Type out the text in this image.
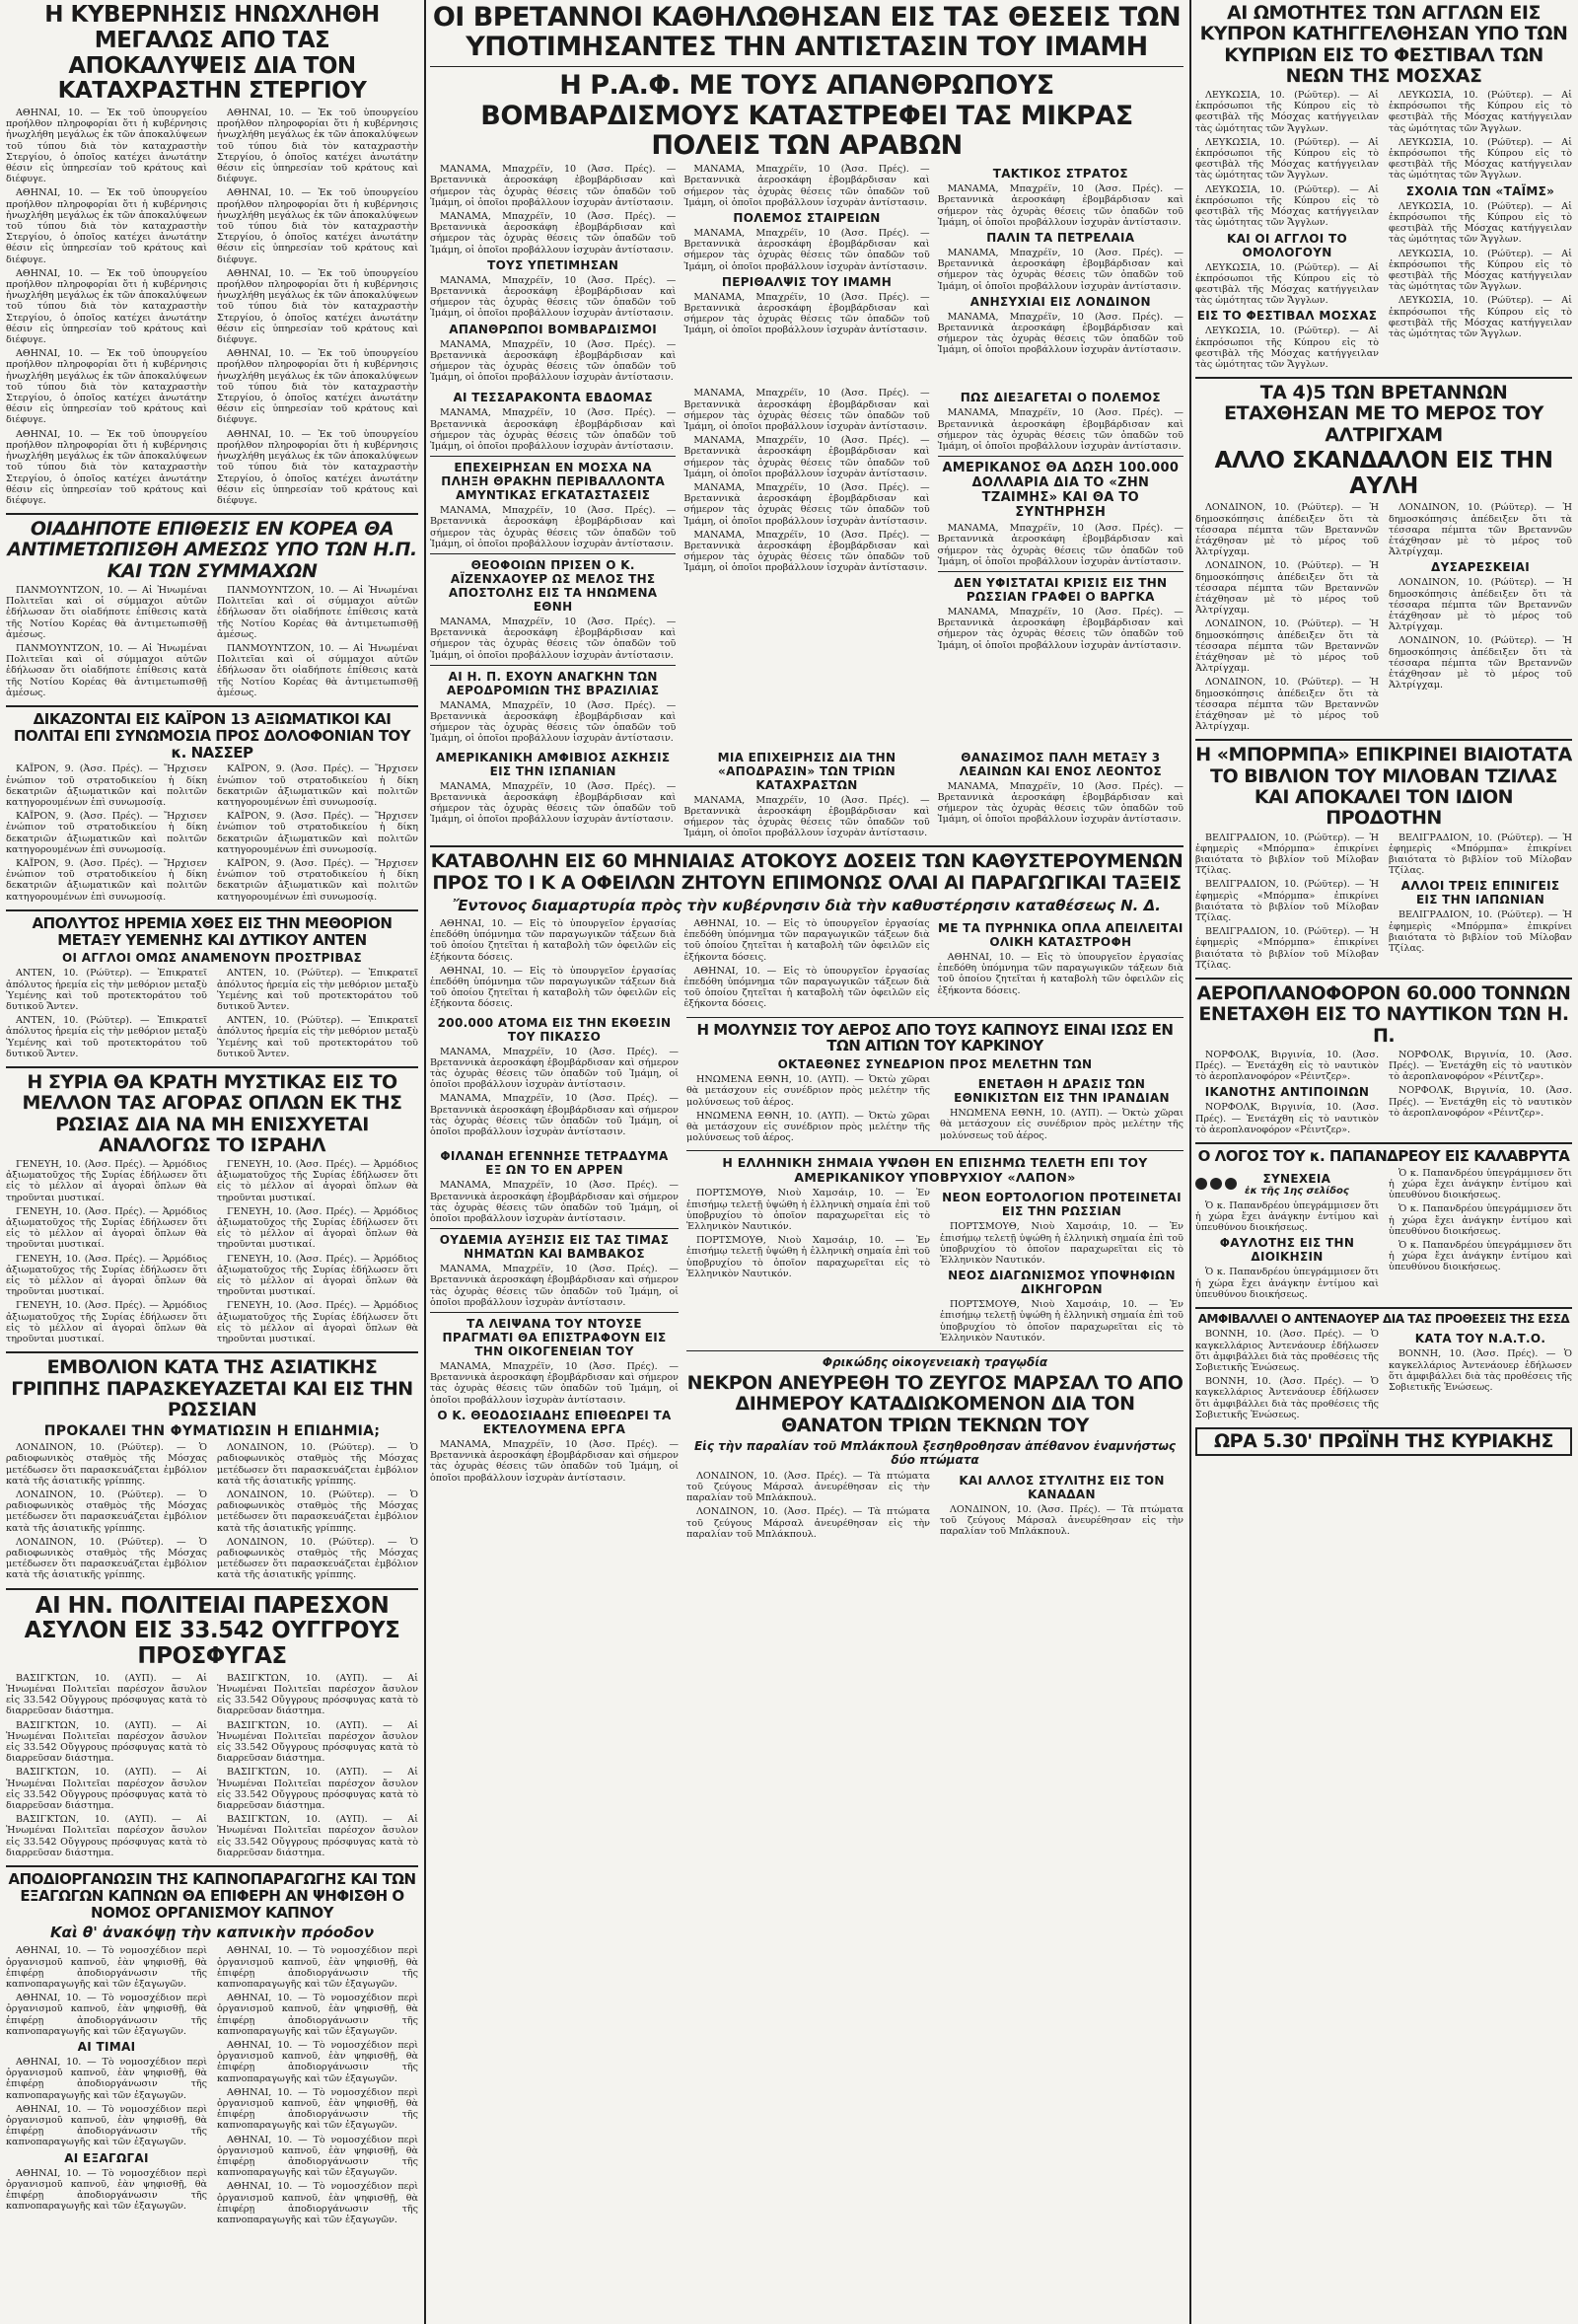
Η ΚΥΒΕΡΝΗΣΙΣ ΗΝΩΧΛΗΘΗ ΜΕΓΑΛΩΣ ΑΠΟ ΤΑΣ ΑΠΟΚΑΛΥΨΕΙΣ ΔΙΑ ΤΟΝ ΚΑΤΑΧΡΑΣΤΗΝ ΣΤΕΡΓΙΟΥ

ΑΘΗΝΑΙ, 10. — Ἐκ τοῦ ὑπουργείου προήλθον πληροφορίαι ὅτι ἡ κυβέρνησις ἠνωχλήθη μεγάλως ἐκ τῶν ἀποκαλύψεων τοῦ τύπου διὰ τὸν καταχραστὴν Στεργίου, ὁ ὁποῖος κατέχει ἀνωτάτην θέσιν εἰς ὑπηρεσίαν τοῦ κράτους καὶ διέφυγε.

ΑΘΗΝΑΙ, 10. — Ἐκ τοῦ ὑπουργείου προήλθον πληροφορίαι ὅτι ἡ κυβέρνησις ἠνωχλήθη μεγάλως ἐκ τῶν ἀποκαλύψεων τοῦ τύπου διὰ τὸν καταχραστὴν Στεργίου, ὁ ὁποῖος κατέχει ἀνωτάτην θέσιν εἰς ὑπηρεσίαν τοῦ κράτους καὶ διέφυγε.

ΑΘΗΝΑΙ, 10. — Ἐκ τοῦ ὑπουργείου προήλθον πληροφορίαι ὅτι ἡ κυβέρνησις ἠνωχλήθη μεγάλως ἐκ τῶν ἀποκαλύψεων τοῦ τύπου διὰ τὸν καταχραστὴν Στεργίου, ὁ ὁποῖος κατέχει ἀνωτάτην θέσιν εἰς ὑπηρεσίαν τοῦ κράτους καὶ διέφυγε.

ΑΘΗΝΑΙ, 10. — Ἐκ τοῦ ὑπουργείου προήλθον πληροφορίαι ὅτι ἡ κυβέρνησις ἠνωχλήθη μεγάλως ἐκ τῶν ἀποκαλύψεων τοῦ τύπου διὰ τὸν καταχραστὴν Στεργίου, ὁ ὁποῖος κατέχει ἀνωτάτην θέσιν εἰς ὑπηρεσίαν τοῦ κράτους καὶ διέφυγε.

ΑΘΗΝΑΙ, 10. — Ἐκ τοῦ ὑπουργείου προήλθον πληροφορίαι ὅτι ἡ κυβέρνησις ἠνωχλήθη μεγάλως ἐκ τῶν ἀποκαλύψεων τοῦ τύπου διὰ τὸν καταχραστὴν Στεργίου, ὁ ὁποῖος κατέχει ἀνωτάτην θέσιν εἰς ὑπηρεσίαν τοῦ κράτους καὶ διέφυγε.

ΑΘΗΝΑΙ, 10. — Ἐκ τοῦ ὑπουργείου προήλθον πληροφορίαι ὅτι ἡ κυβέρνησις ἠνωχλήθη μεγάλως ἐκ τῶν ἀποκαλύψεων τοῦ τύπου διὰ τὸν καταχραστὴν Στεργίου, ὁ ὁποῖος κατέχει ἀνωτάτην θέσιν εἰς ὑπηρεσίαν τοῦ κράτους καὶ διέφυγε.

ΑΘΗΝΑΙ, 10. — Ἐκ τοῦ ὑπουργείου προήλθον πληροφορίαι ὅτι ἡ κυβέρνησις ἠνωχλήθη μεγάλως ἐκ τῶν ἀποκαλύψεων τοῦ τύπου διὰ τὸν καταχραστὴν Στεργίου, ὁ ὁποῖος κατέχει ἀνωτάτην θέσιν εἰς ὑπηρεσίαν τοῦ κράτους καὶ διέφυγε.

ΑΘΗΝΑΙ, 10. — Ἐκ τοῦ ὑπουργείου προήλθον πληροφορίαι ὅτι ἡ κυβέρνησις ἠνωχλήθη μεγάλως ἐκ τῶν ἀποκαλύψεων τοῦ τύπου διὰ τὸν καταχραστὴν Στεργίου, ὁ ὁποῖος κατέχει ἀνωτάτην θέσιν εἰς ὑπηρεσίαν τοῦ κράτους καὶ διέφυγε.

ΑΘΗΝΑΙ, 10. — Ἐκ τοῦ ὑπουργείου προήλθον πληροφορίαι ὅτι ἡ κυβέρνησις ἠνωχλήθη μεγάλως ἐκ τῶν ἀποκαλύψεων τοῦ τύπου διὰ τὸν καταχραστὴν Στεργίου, ὁ ὁποῖος κατέχει ἀνωτάτην θέσιν εἰς ὑπηρεσίαν τοῦ κράτους καὶ διέφυγε.

ΑΘΗΝΑΙ, 10. — Ἐκ τοῦ ὑπουργείου προήλθον πληροφορίαι ὅτι ἡ κυβέρνησις ἠνωχλήθη μεγάλως ἐκ τῶν ἀποκαλύψεων τοῦ τύπου διὰ τὸν καταχραστὴν Στεργίου, ὁ ὁποῖος κατέχει ἀνωτάτην θέσιν εἰς ὑπηρεσίαν τοῦ κράτους καὶ διέφυγε.

ΟΙΑΔΗΠΟΤΕ ΕΠΙΘΕΣΙΣ ΕΝ ΚΟΡΕΑ ΘΑ ΑΝΤΙΜΕΤΩΠΙΣΘΗ ΑΜΕΣΩΣ ΥΠΟ ΤΩΝ Η.Π. ΚΑΙ ΤΩΝ ΣΥΜΜΑΧΩΝ

ΠΑΝΜΟΥΝΤΖΟΝ, 10. — Αἱ Ἡνωμέναι Πολιτεῖαι καὶ οἱ σύμμαχοι αὐτῶν ἐδήλωσαν ὅτι οἱαδήποτε ἐπίθεσις κατὰ τῆς Νοτίου Κορέας θὰ ἀντιμετωπισθῇ ἀμέσως.

ΠΑΝΜΟΥΝΤΖΟΝ, 10. — Αἱ Ἡνωμέναι Πολιτεῖαι καὶ οἱ σύμμαχοι αὐτῶν ἐδήλωσαν ὅτι οἱαδήποτε ἐπίθεσις κατὰ τῆς Νοτίου Κορέας θὰ ἀντιμετωπισθῇ ἀμέσως.

ΠΑΝΜΟΥΝΤΖΟΝ, 10. — Αἱ Ἡνωμέναι Πολιτεῖαι καὶ οἱ σύμμαχοι αὐτῶν ἐδήλωσαν ὅτι οἱαδήποτε ἐπίθεσις κατὰ τῆς Νοτίου Κορέας θὰ ἀντιμετωπισθῇ ἀμέσως.

ΠΑΝΜΟΥΝΤΖΟΝ, 10. — Αἱ Ἡνωμέναι Πολιτεῖαι καὶ οἱ σύμμαχοι αὐτῶν ἐδήλωσαν ὅτι οἱαδήποτε ἐπίθεσις κατὰ τῆς Νοτίου Κορέας θὰ ἀντιμετωπισθῇ ἀμέσως.

ΔΙΚΑΖΟΝΤΑΙ ΕΙΣ ΚΑΪΡΟΝ 13 ΑΞΙΩΜΑΤΙΚΟΙ ΚΑΙ ΠΟΛΙΤΑΙ ΕΠΙ ΣΥΝΩΜΟΣΙΑ ΠΡΟΣ ΔΟΛΟΦΟΝΙΑΝ ΤΟΥ κ. ΝΑΣΣΕΡ

ΚΑΪΡΟΝ, 9. (Ἀσσ. Πρές). — Ἤρχισεν ἐνώπιον τοῦ στρατοδικείου ἡ δίκη δεκατριῶν ἀξιωματικῶν καὶ πολιτῶν κατηγορουμένων ἐπὶ συνωμοσίᾳ.

ΚΑΪΡΟΝ, 9. (Ἀσσ. Πρές). — Ἤρχισεν ἐνώπιον τοῦ στρατοδικείου ἡ δίκη δεκατριῶν ἀξιωματικῶν καὶ πολιτῶν κατηγορουμένων ἐπὶ συνωμοσίᾳ.

ΚΑΪΡΟΝ, 9. (Ἀσσ. Πρές). — Ἤρχισεν ἐνώπιον τοῦ στρατοδικείου ἡ δίκη δεκατριῶν ἀξιωματικῶν καὶ πολιτῶν κατηγορουμένων ἐπὶ συνωμοσίᾳ.

ΚΑΪΡΟΝ, 9. (Ἀσσ. Πρές). — Ἤρχισεν ἐνώπιον τοῦ στρατοδικείου ἡ δίκη δεκατριῶν ἀξιωματικῶν καὶ πολιτῶν κατηγορουμένων ἐπὶ συνωμοσίᾳ.

ΚΑΪΡΟΝ, 9. (Ἀσσ. Πρές). — Ἤρχισεν ἐνώπιον τοῦ στρατοδικείου ἡ δίκη δεκατριῶν ἀξιωματικῶν καὶ πολιτῶν κατηγορουμένων ἐπὶ συνωμοσίᾳ.

ΚΑΪΡΟΝ, 9. (Ἀσσ. Πρές). — Ἤρχισεν ἐνώπιον τοῦ στρατοδικείου ἡ δίκη δεκατριῶν ἀξιωματικῶν καὶ πολιτῶν κατηγορουμένων ἐπὶ συνωμοσίᾳ.

ΑΠΟΛΥΤΟΣ ΗΡΕΜΙΑ ΧΘΕΣ ΕΙΣ ΤΗΝ ΜΕΘΟΡΙΟΝ ΜΕΤΑΞΥ ΥΕΜΕΝΗΣ ΚΑΙ ΔΥΤΙΚΟΥ ΑΝΤΕΝ
ΟΙ ΑΓΓΛΟΙ ΟΜΩΣ ΑΝΑΜΕΝΟΥΝ ΠΡΟΣΤΡΙΒΑΣ

ΑΝΤΕΝ, 10. (Ρώϋτερ). — Ἐπικρατεῖ ἀπόλυτος ἠρεμία εἰς τὴν μεθόριον μεταξὺ Ὑεμένης καὶ τοῦ προτεκτοράτου τοῦ δυτικοῦ Ἄντεν.

ΑΝΤΕΝ, 10. (Ρώϋτερ). — Ἐπικρατεῖ ἀπόλυτος ἠρεμία εἰς τὴν μεθόριον μεταξὺ Ὑεμένης καὶ τοῦ προτεκτοράτου τοῦ δυτικοῦ Ἄντεν.

ΑΝΤΕΝ, 10. (Ρώϋτερ). — Ἐπικρατεῖ ἀπόλυτος ἠρεμία εἰς τὴν μεθόριον μεταξὺ Ὑεμένης καὶ τοῦ προτεκτοράτου τοῦ δυτικοῦ Ἄντεν.

ΑΝΤΕΝ, 10. (Ρώϋτερ). — Ἐπικρατεῖ ἀπόλυτος ἠρεμία εἰς τὴν μεθόριον μεταξὺ Ὑεμένης καὶ τοῦ προτεκτοράτου τοῦ δυτικοῦ Ἄντεν.

Η ΣΥΡΙΑ ΘΑ ΚΡΑΤΗ ΜΥΣΤΙΚΑΣ ΕΙΣ ΤΟ ΜΕΛΛΟΝ ΤΑΣ ΑΓΟΡΑΣ ΟΠΛΩΝ ΕΚ ΤΗΣ ΡΩΣΙΑΣ ΔΙΑ ΝΑ ΜΗ ΕΝΙΣΧΥΕΤΑΙ ΑΝΑΛΟΓΩΣ ΤΟ ΙΣΡΑΗΛ

ΓΕΝΕΥΗ, 10. (Ἀσσ. Πρές). — Ἁρμόδιος ἀξιωματοῦχος τῆς Συρίας ἐδήλωσεν ὅτι εἰς τὸ μέλλον αἱ ἀγοραὶ ὅπλων θὰ τηροῦνται μυστικαί.

ΓΕΝΕΥΗ, 10. (Ἀσσ. Πρές). — Ἁρμόδιος ἀξιωματοῦχος τῆς Συρίας ἐδήλωσεν ὅτι εἰς τὸ μέλλον αἱ ἀγοραὶ ὅπλων θὰ τηροῦνται μυστικαί.

ΓΕΝΕΥΗ, 10. (Ἀσσ. Πρές). — Ἁρμόδιος ἀξιωματοῦχος τῆς Συρίας ἐδήλωσεν ὅτι εἰς τὸ μέλλον αἱ ἀγοραὶ ὅπλων θὰ τηροῦνται μυστικαί.

ΓΕΝΕΥΗ, 10. (Ἀσσ. Πρές). — Ἁρμόδιος ἀξιωματοῦχος τῆς Συρίας ἐδήλωσεν ὅτι εἰς τὸ μέλλον αἱ ἀγοραὶ ὅπλων θὰ τηροῦνται μυστικαί.

ΓΕΝΕΥΗ, 10. (Ἀσσ. Πρές). — Ἁρμόδιος ἀξιωματοῦχος τῆς Συρίας ἐδήλωσεν ὅτι εἰς τὸ μέλλον αἱ ἀγοραὶ ὅπλων θὰ τηροῦνται μυστικαί.

ΓΕΝΕΥΗ, 10. (Ἀσσ. Πρές). — Ἁρμόδιος ἀξιωματοῦχος τῆς Συρίας ἐδήλωσεν ὅτι εἰς τὸ μέλλον αἱ ἀγοραὶ ὅπλων θὰ τηροῦνται μυστικαί.

ΓΕΝΕΥΗ, 10. (Ἀσσ. Πρές). — Ἁρμόδιος ἀξιωματοῦχος τῆς Συρίας ἐδήλωσεν ὅτι εἰς τὸ μέλλον αἱ ἀγοραὶ ὅπλων θὰ τηροῦνται μυστικαί.

ΓΕΝΕΥΗ, 10. (Ἀσσ. Πρές). — Ἁρμόδιος ἀξιωματοῦχος τῆς Συρίας ἐδήλωσεν ὅτι εἰς τὸ μέλλον αἱ ἀγοραὶ ὅπλων θὰ τηροῦνται μυστικαί.

ΕΜΒΟΛΙΟΝ ΚΑΤΑ ΤΗΣ ΑΣΙΑΤΙΚΗΣ ΓΡΙΠΠΗΣ ΠΑΡΑΣΚΕΥΑΖΕΤΑΙ ΚΑΙ ΕΙΣ ΤΗΝ ΡΩΣΣΙΑΝ
ΠΡΟΚΑΛΕΙ ΤΗΝ ΦΥΜΑΤΙΩΣΙΝ Η ΕΠΙΔΗΜΙΑ;

ΛΟΝΔΙΝΟΝ, 10. (Ρώϋτερ). — Ὁ ραδιοφωνικὸς σταθμὸς τῆς Μόσχας μετέδωσεν ὅτι παρασκευάζεται ἐμβόλιον κατὰ τῆς ἀσιατικῆς γρίππης.

ΛΟΝΔΙΝΟΝ, 10. (Ρώϋτερ). — Ὁ ραδιοφωνικὸς σταθμὸς τῆς Μόσχας μετέδωσεν ὅτι παρασκευάζεται ἐμβόλιον κατὰ τῆς ἀσιατικῆς γρίππης.

ΛΟΝΔΙΝΟΝ, 10. (Ρώϋτερ). — Ὁ ραδιοφωνικὸς σταθμὸς τῆς Μόσχας μετέδωσεν ὅτι παρασκευάζεται ἐμβόλιον κατὰ τῆς ἀσιατικῆς γρίππης.

ΛΟΝΔΙΝΟΝ, 10. (Ρώϋτερ). — Ὁ ραδιοφωνικὸς σταθμὸς τῆς Μόσχας μετέδωσεν ὅτι παρασκευάζεται ἐμβόλιον κατὰ τῆς ἀσιατικῆς γρίππης.

ΛΟΝΔΙΝΟΝ, 10. (Ρώϋτερ). — Ὁ ραδιοφωνικὸς σταθμὸς τῆς Μόσχας μετέδωσεν ὅτι παρασκευάζεται ἐμβόλιον κατὰ τῆς ἀσιατικῆς γρίππης.

ΛΟΝΔΙΝΟΝ, 10. (Ρώϋτερ). — Ὁ ραδιοφωνικὸς σταθμὸς τῆς Μόσχας μετέδωσεν ὅτι παρασκευάζεται ἐμβόλιον κατὰ τῆς ἀσιατικῆς γρίππης.

ΑΙ ΗΝ. ΠΟΛΙΤΕΙΑΙ ΠΑΡΕΣΧΟΝ ΑΣΥΛΟΝ ΕΙΣ 33.542 ΟΥΓΓΡΟΥΣ ΠΡΟΣΦΥΓΑΣ

ΒΑΣΙΓΚΤΩΝ, 10. (ΑΥΠ). — Αἱ Ἡνωμέναι Πολιτεῖαι παρέσχον ἄσυλον εἰς 33.542 Οὔγγρους πρόσφυγας κατὰ τὸ διαρρεῦσαν διάστημα.

ΒΑΣΙΓΚΤΩΝ, 10. (ΑΥΠ). — Αἱ Ἡνωμέναι Πολιτεῖαι παρέσχον ἄσυλον εἰς 33.542 Οὔγγρους πρόσφυγας κατὰ τὸ διαρρεῦσαν διάστημα.

ΒΑΣΙΓΚΤΩΝ, 10. (ΑΥΠ). — Αἱ Ἡνωμέναι Πολιτεῖαι παρέσχον ἄσυλον εἰς 33.542 Οὔγγρους πρόσφυγας κατὰ τὸ διαρρεῦσαν διάστημα.

ΒΑΣΙΓΚΤΩΝ, 10. (ΑΥΠ). — Αἱ Ἡνωμέναι Πολιτεῖαι παρέσχον ἄσυλον εἰς 33.542 Οὔγγρους πρόσφυγας κατὰ τὸ διαρρεῦσαν διάστημα.

ΒΑΣΙΓΚΤΩΝ, 10. (ΑΥΠ). — Αἱ Ἡνωμέναι Πολιτεῖαι παρέσχον ἄσυλον εἰς 33.542 Οὔγγρους πρόσφυγας κατὰ τὸ διαρρεῦσαν διάστημα.

ΒΑΣΙΓΚΤΩΝ, 10. (ΑΥΠ). — Αἱ Ἡνωμέναι Πολιτεῖαι παρέσχον ἄσυλον εἰς 33.542 Οὔγγρους πρόσφυγας κατὰ τὸ διαρρεῦσαν διάστημα.

ΒΑΣΙΓΚΤΩΝ, 10. (ΑΥΠ). — Αἱ Ἡνωμέναι Πολιτεῖαι παρέσχον ἄσυλον εἰς 33.542 Οὔγγρους πρόσφυγας κατὰ τὸ διαρρεῦσαν διάστημα.

ΒΑΣΙΓΚΤΩΝ, 10. (ΑΥΠ). — Αἱ Ἡνωμέναι Πολιτεῖαι παρέσχον ἄσυλον εἰς 33.542 Οὔγγρους πρόσφυγας κατὰ τὸ διαρρεῦσαν διάστημα.

ΑΠΟΔΙΟΡΓΑΝΩΣΙΝ ΤΗΣ ΚΑΠΝΟΠΑΡΑΓΩΓΗΣ ΚΑΙ ΤΩΝ ΕΞΑΓΩΓΩΝ ΚΑΠΝΩΝ ΘΑ ΕΠΙΦΕΡΗ ΑΝ ΨΗΦΙΣΘΗ Ο ΝΟΜΟΣ ΟΡΓΑΝΙΣΜΟΥ ΚΑΠΝΟΥ
Καὶ θ' ἀνακόψῃ τὴν καπνικὴν πρόοδον

ΑΘΗΝΑΙ, 10. — Τὸ νομοσχέδιον περὶ ὀργανισμοῦ καπνοῦ, ἐὰν ψηφισθῇ, θὰ ἐπιφέρῃ ἀποδιοργάνωσιν τῆς καπνοπαραγωγῆς καὶ τῶν ἐξαγωγῶν.

ΑΘΗΝΑΙ, 10. — Τὸ νομοσχέδιον περὶ ὀργανισμοῦ καπνοῦ, ἐὰν ψηφισθῇ, θὰ ἐπιφέρῃ ἀποδιοργάνωσιν τῆς καπνοπαραγωγῆς καὶ τῶν ἐξαγωγῶν.

ΑΙ ΤΙΜΑΙ

ΑΘΗΝΑΙ, 10. — Τὸ νομοσχέδιον περὶ ὀργανισμοῦ καπνοῦ, ἐὰν ψηφισθῇ, θὰ ἐπιφέρῃ ἀποδιοργάνωσιν τῆς καπνοπαραγωγῆς καὶ τῶν ἐξαγωγῶν.

ΑΘΗΝΑΙ, 10. — Τὸ νομοσχέδιον περὶ ὀργανισμοῦ καπνοῦ, ἐὰν ψηφισθῇ, θὰ ἐπιφέρῃ ἀποδιοργάνωσιν τῆς καπνοπαραγωγῆς καὶ τῶν ἐξαγωγῶν.

ΑΙ ΕΞΑΓΩΓΑΙ

ΑΘΗΝΑΙ, 10. — Τὸ νομοσχέδιον περὶ ὀργανισμοῦ καπνοῦ, ἐὰν ψηφισθῇ, θὰ ἐπιφέρῃ ἀποδιοργάνωσιν τῆς καπνοπαραγωγῆς καὶ τῶν ἐξαγωγῶν.

ΑΘΗΝΑΙ, 10. — Τὸ νομοσχέδιον περὶ ὀργανισμοῦ καπνοῦ, ἐὰν ψηφισθῇ, θὰ ἐπιφέρῃ ἀποδιοργάνωσιν τῆς καπνοπαραγωγῆς καὶ τῶν ἐξαγωγῶν.

ΑΘΗΝΑΙ, 10. — Τὸ νομοσχέδιον περὶ ὀργανισμοῦ καπνοῦ, ἐὰν ψηφισθῇ, θὰ ἐπιφέρῃ ἀποδιοργάνωσιν τῆς καπνοπαραγωγῆς καὶ τῶν ἐξαγωγῶν.

ΑΘΗΝΑΙ, 10. — Τὸ νομοσχέδιον περὶ ὀργανισμοῦ καπνοῦ, ἐὰν ψηφισθῇ, θὰ ἐπιφέρῃ ἀποδιοργάνωσιν τῆς καπνοπαραγωγῆς καὶ τῶν ἐξαγωγῶν.

ΑΘΗΝΑΙ, 10. — Τὸ νομοσχέδιον περὶ ὀργανισμοῦ καπνοῦ, ἐὰν ψηφισθῇ, θὰ ἐπιφέρῃ ἀποδιοργάνωσιν τῆς καπνοπαραγωγῆς καὶ τῶν ἐξαγωγῶν.

ΑΘΗΝΑΙ, 10. — Τὸ νομοσχέδιον περὶ ὀργανισμοῦ καπνοῦ, ἐὰν ψηφισθῇ, θὰ ἐπιφέρῃ ἀποδιοργάνωσιν τῆς καπνοπαραγωγῆς καὶ τῶν ἐξαγωγῶν.

ΑΘΗΝΑΙ, 10. — Τὸ νομοσχέδιον περὶ ὀργανισμοῦ καπνοῦ, ἐὰν ψηφισθῇ, θὰ ἐπιφέρῃ ἀποδιοργάνωσιν τῆς καπνοπαραγωγῆς καὶ τῶν ἐξαγωγῶν.

ΟΙ ΒΡΕΤΑΝΝΟΙ ΚΑΘΗΛΩΘΗΣΑΝ ΕΙΣ ΤΑΣ ΘΕΣΕΙΣ ΤΩΝ ΥΠΟΤΙΜΗΣΑΝΤΕΣ ΤΗΝ ΑΝΤΙΣΤΑΣΙΝ ΤΟΥ ΙΜΑΜΗ
Η Ρ.Α.Φ. ΜΕ ΤΟΥΣ ΑΠΑΝΘΡΩΠΟΥΣ ΒΟΜΒΑΡΔΙΣΜΟΥΣ ΚΑΤΑΣΤΡΕΦΕΙ ΤΑΣ ΜΙΚΡΑΣ ΠΟΛΕΙΣ ΤΩΝ ΑΡΑΒΩΝ

ΜΑΝΑΜΑ, Μπαχρέϊν, 10 (Ἀσσ. Πρές). — Βρεταννικὰ ἀεροσκάφη ἐβομβάρδισαν καὶ σήμερον τὰς ὀχυρὰς θέσεις τῶν ὀπαδῶν τοῦ Ἰμάμη, οἱ ὁποῖοι προβάλλουν ἰσχυρὰν ἀντίστασιν.

ΜΑΝΑΜΑ, Μπαχρέϊν, 10 (Ἀσσ. Πρές). — Βρεταννικὰ ἀεροσκάφη ἐβομβάρδισαν καὶ σήμερον τὰς ὀχυρὰς θέσεις τῶν ὀπαδῶν τοῦ Ἰμάμη, οἱ ὁποῖοι προβάλλουν ἰσχυρὰν ἀντίστασιν.

ΤΟΥΣ ΥΠΕΤΙΜΗΣΑΝ

ΜΑΝΑΜΑ, Μπαχρέϊν, 10 (Ἀσσ. Πρές). — Βρεταννικὰ ἀεροσκάφη ἐβομβάρδισαν καὶ σήμερον τὰς ὀχυρὰς θέσεις τῶν ὀπαδῶν τοῦ Ἰμάμη, οἱ ὁποῖοι προβάλλουν ἰσχυρὰν ἀντίστασιν.

ΑΠΑΝΘΡΩΠΟΙ ΒΟΜΒΑΡΔΙΣΜΟΙ

ΜΑΝΑΜΑ, Μπαχρέϊν, 10 (Ἀσσ. Πρές). — Βρεταννικὰ ἀεροσκάφη ἐβομβάρδισαν καὶ σήμερον τὰς ὀχυρὰς θέσεις τῶν ὀπαδῶν τοῦ Ἰμάμη, οἱ ὁποῖοι προβάλλουν ἰσχυρὰν ἀντίστασιν.

ΜΑΝΑΜΑ, Μπαχρέϊν, 10 (Ἀσσ. Πρές). — Βρεταννικὰ ἀεροσκάφη ἐβομβάρδισαν καὶ σήμερον τὰς ὀχυρὰς θέσεις τῶν ὀπαδῶν τοῦ Ἰμάμη, οἱ ὁποῖοι προβάλλουν ἰσχυρὰν ἀντίστασιν.

ΠΟΛΕΜΟΣ ΣΤΑΙΡΕΙΩΝ

ΜΑΝΑΜΑ, Μπαχρέϊν, 10 (Ἀσσ. Πρές). — Βρεταννικὰ ἀεροσκάφη ἐβομβάρδισαν καὶ σήμερον τὰς ὀχυρὰς θέσεις τῶν ὀπαδῶν τοῦ Ἰμάμη, οἱ ὁποῖοι προβάλλουν ἰσχυρὰν ἀντίστασιν.

ΠΕΡΙΘΑΛΨΙΣ ΤΟΥ ΙΜΑΜΗ

ΜΑΝΑΜΑ, Μπαχρέϊν, 10 (Ἀσσ. Πρές). — Βρεταννικὰ ἀεροσκάφη ἐβομβάρδισαν καὶ σήμερον τὰς ὀχυρὰς θέσεις τῶν ὀπαδῶν τοῦ Ἰμάμη, οἱ ὁποῖοι προβάλλουν ἰσχυρὰν ἀντίστασιν.

ΤΑΚΤΙΚΟΣ ΣΤΡΑΤΟΣ

ΜΑΝΑΜΑ, Μπαχρέϊν, 10 (Ἀσσ. Πρές). — Βρεταννικὰ ἀεροσκάφη ἐβομβάρδισαν καὶ σήμερον τὰς ὀχυρὰς θέσεις τῶν ὀπαδῶν τοῦ Ἰμάμη, οἱ ὁποῖοι προβάλλουν ἰσχυρὰν ἀντίστασιν.

ΠΑΛΙΝ ΤΑ ΠΕΤΡΕΛΑΙΑ

ΜΑΝΑΜΑ, Μπαχρέϊν, 10 (Ἀσσ. Πρές). — Βρεταννικὰ ἀεροσκάφη ἐβομβάρδισαν καὶ σήμερον τὰς ὀχυρὰς θέσεις τῶν ὀπαδῶν τοῦ Ἰμάμη, οἱ ὁποῖοι προβάλλουν ἰσχυρὰν ἀντίστασιν.

ΑΝΗΣΥΧΙΑΙ ΕΙΣ ΛΟΝΔΙΝΟΝ

ΜΑΝΑΜΑ, Μπαχρέϊν, 10 (Ἀσσ. Πρές). — Βρεταννικὰ ἀεροσκάφη ἐβομβάρδισαν καὶ σήμερον τὰς ὀχυρὰς θέσεις τῶν ὀπαδῶν τοῦ Ἰμάμη, οἱ ὁποῖοι προβάλλουν ἰσχυρὰν ἀντίστασιν.

ΑΙ ΤΕΣΣΑΡΑΚΟΝΤΑ ΕΒΔΟΜΑΣ

ΜΑΝΑΜΑ, Μπαχρέϊν, 10 (Ἀσσ. Πρές). — Βρεταννικὰ ἀεροσκάφη ἐβομβάρδισαν καὶ σήμερον τὰς ὀχυρὰς θέσεις τῶν ὀπαδῶν τοῦ Ἰμάμη, οἱ ὁποῖοι προβάλλουν ἰσχυρὰν ἀντίστασιν.

ΕΠΕΧΕΙΡΗΣΑΝ ΕΝ ΜΟΣΧΑ ΝΑ ΠΛΗΞΗ ΘΡΑΚΗΝ ΠΕΡΙΒΑΛΛΟΝΤΑ ΑΜΥΝΤΙΚΑΣ ΕΓΚΑΤΑΣΤΑΣΕΙΣ

ΜΑΝΑΜΑ, Μπαχρέϊν, 10 (Ἀσσ. Πρές). — Βρεταννικὰ ἀεροσκάφη ἐβομβάρδισαν καὶ σήμερον τὰς ὀχυρὰς θέσεις τῶν ὀπαδῶν τοῦ Ἰμάμη, οἱ ὁποῖοι προβάλλουν ἰσχυρὰν ἀντίστασιν.

ΘΕΟΦΟΙΩΝ ΠΡΙΣΕΝ Ο Κ. ΑΪΖΕΝΧΑΟΥΕΡ ΩΣ ΜΕΛΟΣ ΤΗΣ ΑΠΟΣΤΟΛΗΣ ΕΙΣ ΤΑ ΗΝΩΜΕΝΑ ΕΘΝΗ

ΜΑΝΑΜΑ, Μπαχρέϊν, 10 (Ἀσσ. Πρές). — Βρεταννικὰ ἀεροσκάφη ἐβομβάρδισαν καὶ σήμερον τὰς ὀχυρὰς θέσεις τῶν ὀπαδῶν τοῦ Ἰμάμη, οἱ ὁποῖοι προβάλλουν ἰσχυρὰν ἀντίστασιν.

ΑΙ Η. Π. ΕΧΟΥΝ ΑΝΑΓΚΗΝ ΤΩΝ ΑΕΡΟΔΡΟΜΙΩΝ ΤΗΣ ΒΡΑΖΙΛΙΑΣ

ΜΑΝΑΜΑ, Μπαχρέϊν, 10 (Ἀσσ. Πρές). — Βρεταννικὰ ἀεροσκάφη ἐβομβάρδισαν καὶ σήμερον τὰς ὀχυρὰς θέσεις τῶν ὀπαδῶν τοῦ Ἰμάμη, οἱ ὁποῖοι προβάλλουν ἰσχυρὰν ἀντίστασιν.

ΜΑΝΑΜΑ, Μπαχρέϊν, 10 (Ἀσσ. Πρές). — Βρεταννικὰ ἀεροσκάφη ἐβομβάρδισαν καὶ σήμερον τὰς ὀχυρὰς θέσεις τῶν ὀπαδῶν τοῦ Ἰμάμη, οἱ ὁποῖοι προβάλλουν ἰσχυρὰν ἀντίστασιν.

ΜΑΝΑΜΑ, Μπαχρέϊν, 10 (Ἀσσ. Πρές). — Βρεταννικὰ ἀεροσκάφη ἐβομβάρδισαν καὶ σήμερον τὰς ὀχυρὰς θέσεις τῶν ὀπαδῶν τοῦ Ἰμάμη, οἱ ὁποῖοι προβάλλουν ἰσχυρὰν ἀντίστασιν.

ΜΑΝΑΜΑ, Μπαχρέϊν, 10 (Ἀσσ. Πρές). — Βρεταννικὰ ἀεροσκάφη ἐβομβάρδισαν καὶ σήμερον τὰς ὀχυρὰς θέσεις τῶν ὀπαδῶν τοῦ Ἰμάμη, οἱ ὁποῖοι προβάλλουν ἰσχυρὰν ἀντίστασιν.

ΜΑΝΑΜΑ, Μπαχρέϊν, 10 (Ἀσσ. Πρές). — Βρεταννικὰ ἀεροσκάφη ἐβομβάρδισαν καὶ σήμερον τὰς ὀχυρὰς θέσεις τῶν ὀπαδῶν τοῦ Ἰμάμη, οἱ ὁποῖοι προβάλλουν ἰσχυρὰν ἀντίστασιν.

ΠΩΣ ΔΙΕΞΑΓΕΤΑΙ Ο ΠΟΛΕΜΟΣ

ΜΑΝΑΜΑ, Μπαχρέϊν, 10 (Ἀσσ. Πρές). — Βρεταννικὰ ἀεροσκάφη ἐβομβάρδισαν καὶ σήμερον τὰς ὀχυρὰς θέσεις τῶν ὀπαδῶν τοῦ Ἰμάμη, οἱ ὁποῖοι προβάλλουν ἰσχυρὰν ἀντίστασιν.

ΑΜΕΡΙΚΑΝΟΣ ΘΑ ΔΩΣΗ 100.000 ΔΟΛΛΑΡΙΑ ΔΙΑ ΤΟ «ΖΗΝ ΤΖΑΙΜΗΣ» ΚΑΙ ΘΑ ΤΟ ΣΥΝΤΗΡΗΣΗ

ΜΑΝΑΜΑ, Μπαχρέϊν, 10 (Ἀσσ. Πρές). — Βρεταννικὰ ἀεροσκάφη ἐβομβάρδισαν καὶ σήμερον τὰς ὀχυρὰς θέσεις τῶν ὀπαδῶν τοῦ Ἰμάμη, οἱ ὁποῖοι προβάλλουν ἰσχυρὰν ἀντίστασιν.

ΔΕΝ ΥΦΙΣΤΑΤΑΙ ΚΡΙΣΙΣ ΕΙΣ ΤΗΝ ΡΩΣΣΙΑΝ ΓΡΑΦΕΙ Ο ΒΑΡΓΚΑ

ΜΑΝΑΜΑ, Μπαχρέϊν, 10 (Ἀσσ. Πρές). — Βρεταννικὰ ἀεροσκάφη ἐβομβάρδισαν καὶ σήμερον τὰς ὀχυρὰς θέσεις τῶν ὀπαδῶν τοῦ Ἰμάμη, οἱ ὁποῖοι προβάλλουν ἰσχυρὰν ἀντίστασιν.

ΑΜΕΡΙΚΑΝΙΚΗ ΑΜΦΙΒΙΟΣ ΑΣΚΗΣΙΣ ΕΙΣ ΤΗΝ ΙΣΠΑΝΙΑΝ

ΜΑΝΑΜΑ, Μπαχρέϊν, 10 (Ἀσσ. Πρές). — Βρεταννικὰ ἀεροσκάφη ἐβομβάρδισαν καὶ σήμερον τὰς ὀχυρὰς θέσεις τῶν ὀπαδῶν τοῦ Ἰμάμη, οἱ ὁποῖοι προβάλλουν ἰσχυρὰν ἀντίστασιν.

ΜΙΑ ΕΠΙΧΕΙΡΗΣΙΣ ΔΙΑ ΤΗΝ «ΑΠΟΔΡΑΣΙΝ» ΤΩΝ ΤΡΙΩΝ ΚΑΤΑΧΡΑΣΤΩΝ

ΜΑΝΑΜΑ, Μπαχρέϊν, 10 (Ἀσσ. Πρές). — Βρεταννικὰ ἀεροσκάφη ἐβομβάρδισαν καὶ σήμερον τὰς ὀχυρὰς θέσεις τῶν ὀπαδῶν τοῦ Ἰμάμη, οἱ ὁποῖοι προβάλλουν ἰσχυρὰν ἀντίστασιν.

ΘΑΝΑΣΙΜΟΣ ΠΑΛΗ ΜΕΤΑΞΥ 3 ΛΕΑΙΝΩΝ ΚΑΙ ΕΝΟΣ ΛΕΟΝΤΟΣ

ΜΑΝΑΜΑ, Μπαχρέϊν, 10 (Ἀσσ. Πρές). — Βρεταννικὰ ἀεροσκάφη ἐβομβάρδισαν καὶ σήμερον τὰς ὀχυρὰς θέσεις τῶν ὀπαδῶν τοῦ Ἰμάμη, οἱ ὁποῖοι προβάλλουν ἰσχυρὰν ἀντίστασιν.

ΚΑΤΑΒΟΛΗΝ ΕΙΣ 60 ΜΗΝΙΑΙΑΣ ΑΤΟΚΟΥΣ ΔΟΣΕΙΣ ΤΩΝ ΚΑΘΥΣΤΕΡΟΥΜΕΝΩΝ ΠΡΟΣ ΤΟ Ι Κ Α ΟΦΕΙΛΩΝ ΖΗΤΟΥΝ ΕΠΙΜΟΝΩΣ ΟΛΑΙ ΑΙ ΠΑΡΑΓΩΓΙΚΑΙ ΤΑΞΕΙΣ
Ἔντονος διαμαρτυρία πρὸς τὴν κυβέρνησιν διὰ τὴν καθυστέρησιν καταθέσεως Ν. Δ.

ΑΘΗΝΑΙ, 10. — Εἰς τὸ ὑπουργεῖον ἐργασίας ἐπεδόθη ὑπόμνημα τῶν παραγωγικῶν τάξεων διὰ τοῦ ὁποίου ζητεῖται ἡ καταβολὴ τῶν ὀφειλῶν εἰς ἑξήκοντα δόσεις.

ΑΘΗΝΑΙ, 10. — Εἰς τὸ ὑπουργεῖον ἐργασίας ἐπεδόθη ὑπόμνημα τῶν παραγωγικῶν τάξεων διὰ τοῦ ὁποίου ζητεῖται ἡ καταβολὴ τῶν ὀφειλῶν εἰς ἑξήκοντα δόσεις.

ΑΘΗΝΑΙ, 10. — Εἰς τὸ ὑπουργεῖον ἐργασίας ἐπεδόθη ὑπόμνημα τῶν παραγωγικῶν τάξεων διὰ τοῦ ὁποίου ζητεῖται ἡ καταβολὴ τῶν ὀφειλῶν εἰς ἑξήκοντα δόσεις.

ΑΘΗΝΑΙ, 10. — Εἰς τὸ ὑπουργεῖον ἐργασίας ἐπεδόθη ὑπόμνημα τῶν παραγωγικῶν τάξεων διὰ τοῦ ὁποίου ζητεῖται ἡ καταβολὴ τῶν ὀφειλῶν εἰς ἑξήκοντα δόσεις.

ΜΕ ΤΑ ΠΥΡΗΝΙΚΑ ΟΠΛΑ ΑΠΕΙΛΕΙΤΑΙ ΟΛΙΚΗ ΚΑΤΑΣΤΡΟΦΗ

ΑΘΗΝΑΙ, 10. — Εἰς τὸ ὑπουργεῖον ἐργασίας ἐπεδόθη ὑπόμνημα τῶν παραγωγικῶν τάξεων διὰ τοῦ ὁποίου ζητεῖται ἡ καταβολὴ τῶν ὀφειλῶν εἰς ἑξήκοντα δόσεις.

200.000 ΑΤΟΜΑ ΕΙΣ ΤΗΝ ΕΚΘΕΣΙΝ ΤΟΥ ΠΙΚΑΣΣΟ

ΜΑΝΑΜΑ, Μπαχρέϊν, 10 (Ἀσσ. Πρές). — Βρεταννικὰ ἀεροσκάφη ἐβομβάρδισαν καὶ σήμερον τὰς ὀχυρὰς θέσεις τῶν ὀπαδῶν τοῦ Ἰμάμη, οἱ ὁποῖοι προβάλλουν ἰσχυρὰν ἀντίστασιν.

ΜΑΝΑΜΑ, Μπαχρέϊν, 10 (Ἀσσ. Πρές). — Βρεταννικὰ ἀεροσκάφη ἐβομβάρδισαν καὶ σήμερον τὰς ὀχυρὰς θέσεις τῶν ὀπαδῶν τοῦ Ἰμάμη, οἱ ὁποῖοι προβάλλουν ἰσχυρὰν ἀντίστασιν.

Η ΜΟΛΥΝΣΙΣ ΤΟΥ ΑΕΡΟΣ ΑΠΟ ΤΟΥΣ ΚΑΠΝΟΥΣ ΕΙΝΑΙ ΙΣΩΣ ΕΝ ΤΩΝ ΑΙΤΙΩΝ ΤΟΥ ΚΑΡΚΙΝΟΥ
ΟΚΤΑΕΘΝΕΣ ΣΥΝΕΔΡΙΟΝ ΠΡΟΣ ΜΕΛΕΤΗΝ ΤΩΝ

ΗΝΩΜΕΝΑ ΕΘΝΗ, 10. (ΑΥΠ). — Ὀκτὼ χῶραι θὰ μετάσχουν εἰς συνέδριον πρὸς μελέτην τῆς μολύνσεως τοῦ ἀέρος.

ΗΝΩΜΕΝΑ ΕΘΝΗ, 10. (ΑΥΠ). — Ὀκτὼ χῶραι θὰ μετάσχουν εἰς συνέδριον πρὸς μελέτην τῆς μολύνσεως τοῦ ἀέρος.

ΕΝΕΤΑΘΗ Η ΔΡΑΣΙΣ ΤΩΝ ΕΘΝΙΚΙΣΤΩΝ ΕΙΣ ΤΗΝ ΙΡΑΝΔΙΑΝ

ΗΝΩΜΕΝΑ ΕΘΝΗ, 10. (ΑΥΠ). — Ὀκτὼ χῶραι θὰ μετάσχουν εἰς συνέδριον πρὸς μελέτην τῆς μολύνσεως τοῦ ἀέρος.

ΦΙΛΑΝΔΗ ΕΓΕΝΝΗΣΕ ΤΕΤΡΑΔΥΜΑ ΕΞ ΩΝ ΤΟ ΕΝ ΑΡΡΕΝ

ΜΑΝΑΜΑ, Μπαχρέϊν, 10 (Ἀσσ. Πρές). — Βρεταννικὰ ἀεροσκάφη ἐβομβάρδισαν καὶ σήμερον τὰς ὀχυρὰς θέσεις τῶν ὀπαδῶν τοῦ Ἰμάμη, οἱ ὁποῖοι προβάλλουν ἰσχυρὰν ἀντίστασιν.

ΟΥΔΕΜΙΑ ΑΥΞΗΣΙΣ ΕΙΣ ΤΑΣ ΤΙΜΑΣ ΝΗΜΑΤΩΝ ΚΑΙ ΒΑΜΒΑΚΟΣ

ΜΑΝΑΜΑ, Μπαχρέϊν, 10 (Ἀσσ. Πρές). — Βρεταννικὰ ἀεροσκάφη ἐβομβάρδισαν καὶ σήμερον τὰς ὀχυρὰς θέσεις τῶν ὀπαδῶν τοῦ Ἰμάμη, οἱ ὁποῖοι προβάλλουν ἰσχυρὰν ἀντίστασιν.

ΤΑ ΛΕΙΨΑΝΑ ΤΟΥ ΝΤΟΥΣΕ ΠΡΑΓΜΑΤΙ ΘΑ ΕΠΙΣΤΡΑΦΟΥΝ ΕΙΣ ΤΗΝ ΟΙΚΟΓΕΝΕΙΑΝ ΤΟΥ

ΜΑΝΑΜΑ, Μπαχρέϊν, 10 (Ἀσσ. Πρές). — Βρεταννικὰ ἀεροσκάφη ἐβομβάρδισαν καὶ σήμερον τὰς ὀχυρὰς θέσεις τῶν ὀπαδῶν τοῦ Ἰμάμη, οἱ ὁποῖοι προβάλλουν ἰσχυρὰν ἀντίστασιν.

Ο Κ. ΘΕΟΔΟΣΙΑΔΗΣ ΕΠΙΘΕΩΡΕΙ ΤΑ ΕΚΤΕΛΟΥΜΕΝΑ ΕΡΓΑ

ΜΑΝΑΜΑ, Μπαχρέϊν, 10 (Ἀσσ. Πρές). — Βρεταννικὰ ἀεροσκάφη ἐβομβάρδισαν καὶ σήμερον τὰς ὀχυρὰς θέσεις τῶν ὀπαδῶν τοῦ Ἰμάμη, οἱ ὁποῖοι προβάλλουν ἰσχυρὰν ἀντίστασιν.

Η ΕΛΛΗΝΙΚΗ ΣΗΜΑΙΑ ΥΨΩΘΗ ΕΝ ΕΠΙΣΗΜΩ ΤΕΛΕΤΗ ΕΠΙ ΤΟΥ ΑΜΕΡΙΚΑΝΙΚΟΥ ΥΠΟΒΡΥΧΙΟΥ «ΛΑΠΟΝ»

ΠΟΡΤΣΜΟΥΘ, Νιοὺ Χαμσάιρ, 10. — Ἐν ἐπισήμῳ τελετῇ ὑψώθη ἡ ἑλληνικὴ σημαία ἐπὶ τοῦ ὑποβρυχίου τὸ ὁποῖον παραχωρεῖται εἰς τὸ Ἑλληνικὸν Ναυτικόν.

ΠΟΡΤΣΜΟΥΘ, Νιοὺ Χαμσάιρ, 10. — Ἐν ἐπισήμῳ τελετῇ ὑψώθη ἡ ἑλληνικὴ σημαία ἐπὶ τοῦ ὑποβρυχίου τὸ ὁποῖον παραχωρεῖται εἰς τὸ Ἑλληνικὸν Ναυτικόν.

ΝΕΟΝ ΕΟΡΤΟΛΟΓΙΟΝ ΠΡΟΤΕΙΝΕΤΑΙ ΕΙΣ ΤΗΝ ΡΩΣΣΙΑΝ

ΠΟΡΤΣΜΟΥΘ, Νιοὺ Χαμσάιρ, 10. — Ἐν ἐπισήμῳ τελετῇ ὑψώθη ἡ ἑλληνικὴ σημαία ἐπὶ τοῦ ὑποβρυχίου τὸ ὁποῖον παραχωρεῖται εἰς τὸ Ἑλληνικὸν Ναυτικόν.

ΝΕΟΣ ΔΙΑΓΩΝΙΣΜΟΣ ΥΠΟΨΗΦΙΩΝ ΔΙΚΗΓΟΡΩΝ

ΠΟΡΤΣΜΟΥΘ, Νιοὺ Χαμσάιρ, 10. — Ἐν ἐπισήμῳ τελετῇ ὑψώθη ἡ ἑλληνικὴ σημαία ἐπὶ τοῦ ὑποβρυχίου τὸ ὁποῖον παραχωρεῖται εἰς τὸ Ἑλληνικὸν Ναυτικόν.

Φρικώδης οἰκογενειακὴ τραγῳδία
ΝΕΚΡΟΝ ΑΝΕΥΡΕΘΗ ΤΟ ΖΕΥΓΟΣ ΜΑΡΣΑΛ ΤΟ ΑΠΟ ΔΙΗΜΕΡΟΥ ΚΑΤΑΔΙΩΚΟΜΕΝΟΝ ΔΙΑ ΤΟΝ ΘΑΝΑΤΟΝ ΤΡΙΩΝ ΤΕΚΝΩΝ ΤΟΥ
Εἰς τὴν παραλίαν τοῦ Μπλάκπουλ ξεσηθροθησαν ἀπέθανον ἐναμνήστως δύο πτώματα

ΛΟΝΔΙΝΟΝ, 10. (Ἀσσ. Πρές). — Τὰ πτώματα τοῦ ζεύγους Μάρσαλ ἀνευρέθησαν εἰς τὴν παραλίαν τοῦ Μπλάκπουλ.

ΛΟΝΔΙΝΟΝ, 10. (Ἀσσ. Πρές). — Τὰ πτώματα τοῦ ζεύγους Μάρσαλ ἀνευρέθησαν εἰς τὴν παραλίαν τοῦ Μπλάκπουλ.

ΚΑΙ ΑΛΛΟΣ ΣΤΥΛΙΤΗΣ ΕΙΣ ΤΟΝ ΚΑΝΑΔΑΝ

ΛΟΝΔΙΝΟΝ, 10. (Ἀσσ. Πρές). — Τὰ πτώματα τοῦ ζεύγους Μάρσαλ ἀνευρέθησαν εἰς τὴν παραλίαν τοῦ Μπλάκπουλ.

ΑΙ ΩΜΟΤΗΤΕΣ ΤΩΝ ΑΓΓΛΩΝ ΕΙΣ ΚΥΠΡΟΝ ΚΑΤΗΓΓΕΛΘΗΣΑΝ ΥΠΟ ΤΩΝ ΚΥΠΡΙΩΝ ΕΙΣ ΤΟ ΦΕΣΤΙΒΑΛ ΤΩΝ ΝΕΩΝ ΤΗΣ ΜΟΣΧΑΣ

ΛΕΥΚΩΣΙΑ, 10. (Ρώϋτερ). — Αἱ ἐκπρόσωποι τῆς Κύπρου εἰς τὸ φεστιβὰλ τῆς Μόσχας κατήγγειλαν τὰς ὠμότητας τῶν Ἄγγλων.

ΛΕΥΚΩΣΙΑ, 10. (Ρώϋτερ). — Αἱ ἐκπρόσωποι τῆς Κύπρου εἰς τὸ φεστιβὰλ τῆς Μόσχας κατήγγειλαν τὰς ὠμότητας τῶν Ἄγγλων.

ΛΕΥΚΩΣΙΑ, 10. (Ρώϋτερ). — Αἱ ἐκπρόσωποι τῆς Κύπρου εἰς τὸ φεστιβὰλ τῆς Μόσχας κατήγγειλαν τὰς ὠμότητας τῶν Ἄγγλων.

ΚΑΙ ΟΙ ΑΓΓΛΟΙ ΤΟ ΟΜΟΛΟΓΟΥΝ

ΛΕΥΚΩΣΙΑ, 10. (Ρώϋτερ). — Αἱ ἐκπρόσωποι τῆς Κύπρου εἰς τὸ φεστιβὰλ τῆς Μόσχας κατήγγειλαν τὰς ὠμότητας τῶν Ἄγγλων.

ΕΙΣ ΤΟ ΦΕΣΤΙΒΑΛ ΜΟΣΧΑΣ

ΛΕΥΚΩΣΙΑ, 10. (Ρώϋτερ). — Αἱ ἐκπρόσωποι τῆς Κύπρου εἰς τὸ φεστιβὰλ τῆς Μόσχας κατήγγειλαν τὰς ὠμότητας τῶν Ἄγγλων.

ΛΕΥΚΩΣΙΑ, 10. (Ρώϋτερ). — Αἱ ἐκπρόσωποι τῆς Κύπρου εἰς τὸ φεστιβὰλ τῆς Μόσχας κατήγγειλαν τὰς ὠμότητας τῶν Ἄγγλων.

ΛΕΥΚΩΣΙΑ, 10. (Ρώϋτερ). — Αἱ ἐκπρόσωποι τῆς Κύπρου εἰς τὸ φεστιβὰλ τῆς Μόσχας κατήγγειλαν τὰς ὠμότητας τῶν Ἄγγλων.

ΣΧΟΛΙΑ ΤΩΝ «ΤΑΪΜΣ»

ΛΕΥΚΩΣΙΑ, 10. (Ρώϋτερ). — Αἱ ἐκπρόσωποι τῆς Κύπρου εἰς τὸ φεστιβὰλ τῆς Μόσχας κατήγγειλαν τὰς ὠμότητας τῶν Ἄγγλων.

ΛΕΥΚΩΣΙΑ, 10. (Ρώϋτερ). — Αἱ ἐκπρόσωποι τῆς Κύπρου εἰς τὸ φεστιβὰλ τῆς Μόσχας κατήγγειλαν τὰς ὠμότητας τῶν Ἄγγλων.

ΛΕΥΚΩΣΙΑ, 10. (Ρώϋτερ). — Αἱ ἐκπρόσωποι τῆς Κύπρου εἰς τὸ φεστιβὰλ τῆς Μόσχας κατήγγειλαν τὰς ὠμότητας τῶν Ἄγγλων.

ΤΑ 4)5 ΤΩΝ ΒΡΕΤΑΝΝΩΝ ΕΤΑΧΘΗΣΑΝ ΜΕ ΤΟ ΜΕΡΟΣ ΤΟΥ ΑΛΤΡΙΓΧΑΜ
ΑΛΛΟ ΣΚΑΝΔΑΛΟΝ ΕΙΣ ΤΗΝ ΑΥΛΗ

ΛΟΝΔΙΝΟΝ, 10. (Ρώϋτερ). — Ἡ δημοσκόπησις ἀπέδειξεν ὅτι τὰ τέσσαρα πέμπτα τῶν Βρεταννῶν ἐτάχθησαν μὲ τὸ μέρος τοῦ Ἀλτρίγχαμ.

ΛΟΝΔΙΝΟΝ, 10. (Ρώϋτερ). — Ἡ δημοσκόπησις ἀπέδειξεν ὅτι τὰ τέσσαρα πέμπτα τῶν Βρεταννῶν ἐτάχθησαν μὲ τὸ μέρος τοῦ Ἀλτρίγχαμ.

ΛΟΝΔΙΝΟΝ, 10. (Ρώϋτερ). — Ἡ δημοσκόπησις ἀπέδειξεν ὅτι τὰ τέσσαρα πέμπτα τῶν Βρεταννῶν ἐτάχθησαν μὲ τὸ μέρος τοῦ Ἀλτρίγχαμ.

ΛΟΝΔΙΝΟΝ, 10. (Ρώϋτερ). — Ἡ δημοσκόπησις ἀπέδειξεν ὅτι τὰ τέσσαρα πέμπτα τῶν Βρεταννῶν ἐτάχθησαν μὲ τὸ μέρος τοῦ Ἀλτρίγχαμ.

ΛΟΝΔΙΝΟΝ, 10. (Ρώϋτερ). — Ἡ δημοσκόπησις ἀπέδειξεν ὅτι τὰ τέσσαρα πέμπτα τῶν Βρεταννῶν ἐτάχθησαν μὲ τὸ μέρος τοῦ Ἀλτρίγχαμ.

ΔΥΣΑΡΕΣΚΕΙΑΙ

ΛΟΝΔΙΝΟΝ, 10. (Ρώϋτερ). — Ἡ δημοσκόπησις ἀπέδειξεν ὅτι τὰ τέσσαρα πέμπτα τῶν Βρεταννῶν ἐτάχθησαν μὲ τὸ μέρος τοῦ Ἀλτρίγχαμ.

ΛΟΝΔΙΝΟΝ, 10. (Ρώϋτερ). — Ἡ δημοσκόπησις ἀπέδειξεν ὅτι τὰ τέσσαρα πέμπτα τῶν Βρεταννῶν ἐτάχθησαν μὲ τὸ μέρος τοῦ Ἀλτρίγχαμ.

Η «ΜΠΟΡΜΠΑ» ΕΠΙΚΡΙΝΕΙ ΒΙΑΙΟΤΑΤΑ ΤΟ ΒΙΒΛΙΟΝ ΤΟΥ ΜΙΛΟΒΑΝ ΤΖΙΛΑΣ ΚΑΙ ΑΠΟΚΑΛΕΙ ΤΟΝ ΙΔΙΟΝ ΠΡΟΔΟΤΗΝ

ΒΕΛΙΓΡΑΔΙΟΝ, 10. (Ρώϋτερ). — Ἡ ἐφημερὶς «Μπόρμπα» ἐπικρίνει βιαιότατα τὸ βιβλίον τοῦ Μίλοβαν Τζίλας.

ΒΕΛΙΓΡΑΔΙΟΝ, 10. (Ρώϋτερ). — Ἡ ἐφημερὶς «Μπόρμπα» ἐπικρίνει βιαιότατα τὸ βιβλίον τοῦ Μίλοβαν Τζίλας.

ΒΕΛΙΓΡΑΔΙΟΝ, 10. (Ρώϋτερ). — Ἡ ἐφημερὶς «Μπόρμπα» ἐπικρίνει βιαιότατα τὸ βιβλίον τοῦ Μίλοβαν Τζίλας.

ΒΕΛΙΓΡΑΔΙΟΝ, 10. (Ρώϋτερ). — Ἡ ἐφημερὶς «Μπόρμπα» ἐπικρίνει βιαιότατα τὸ βιβλίον τοῦ Μίλοβαν Τζίλας.

ΑΛΛΟΙ ΤΡΕΙΣ ΕΠΙΝΙΓΕΙΣ ΕΙΣ ΤΗΝ ΙΑΠΩΝΙΑΝ

ΒΕΛΙΓΡΑΔΙΟΝ, 10. (Ρώϋτερ). — Ἡ ἐφημερὶς «Μπόρμπα» ἐπικρίνει βιαιότατα τὸ βιβλίον τοῦ Μίλοβαν Τζίλας.

ΑΕΡΟΠΛΑΝΟΦΟΡΟΝ 60.000 ΤΟΝΝΩΝ ΕΝΕΤΑΧΘΗ ΕΙΣ ΤΟ ΝΑΥΤΙΚΟΝ ΤΩΝ Η. Π.

ΝΟΡΦΟΛΚ, Βιργινία, 10. (Ἀσσ. Πρές). — Ἐνετάχθη εἰς τὸ ναυτικὸν τὸ ἀεροπλανοφόρον «Ρέιντζερ».

ΙΚΑΝΟΤΗΣ ΑΝΤΙΠΟΙΝΩΝ

ΝΟΡΦΟΛΚ, Βιργινία, 10. (Ἀσσ. Πρές). — Ἐνετάχθη εἰς τὸ ναυτικὸν τὸ ἀεροπλανοφόρον «Ρέιντζερ».

ΝΟΡΦΟΛΚ, Βιργινία, 10. (Ἀσσ. Πρές). — Ἐνετάχθη εἰς τὸ ναυτικὸν τὸ ἀεροπλανοφόρον «Ρέιντζερ».

ΝΟΡΦΟΛΚ, Βιργινία, 10. (Ἀσσ. Πρές). — Ἐνετάχθη εἰς τὸ ναυτικὸν τὸ ἀεροπλανοφόρον «Ρέιντζερ».

Ο ΛΟΓΟΣ ΤΟΥ κ. ΠΑΠΑΝΔΡΕΟΥ ΕΙΣ ΚΑΛΑΒΡΥΤΑ
ΣΥΝΕΧΕΙΑ
ἐκ τῆς 1ης σελίδος

Ὁ κ. Παπανδρέου ὑπεγράμμισεν ὅτι ἡ χώρα ἔχει ἀνάγκην ἐντίμου καὶ ὑπευθύνου διοικήσεως.

ΦΑΥΛΟΤΗΣ ΕΙΣ ΤΗΝ ΔΙΟΙΚΗΣΙΝ

Ὁ κ. Παπανδρέου ὑπεγράμμισεν ὅτι ἡ χώρα ἔχει ἀνάγκην ἐντίμου καὶ ὑπευθύνου διοικήσεως.

Ὁ κ. Παπανδρέου ὑπεγράμμισεν ὅτι ἡ χώρα ἔχει ἀνάγκην ἐντίμου καὶ ὑπευθύνου διοικήσεως.

Ὁ κ. Παπανδρέου ὑπεγράμμισεν ὅτι ἡ χώρα ἔχει ἀνάγκην ἐντίμου καὶ ὑπευθύνου διοικήσεως.

Ὁ κ. Παπανδρέου ὑπεγράμμισεν ὅτι ἡ χώρα ἔχει ἀνάγκην ἐντίμου καὶ ὑπευθύνου διοικήσεως.

ΑΜΦΙΒΑΛΛΕΙ Ο ΑΝΤΕΝΑΟΥΕΡ ΔΙΑ ΤΑΣ ΠΡΟΘΕΣΕΙΣ ΤΗΣ ΕΣΣΔ

ΒΟΝΝΗ, 10. (Ἀσσ. Πρές). — Ὁ καγκελλάριος Ἀντενάουερ ἐδήλωσεν ὅτι ἀμφιβάλλει διὰ τὰς προθέσεις τῆς Σοβιετικῆς Ἑνώσεως.

ΒΟΝΝΗ, 10. (Ἀσσ. Πρές). — Ὁ καγκελλάριος Ἀντενάουερ ἐδήλωσεν ὅτι ἀμφιβάλλει διὰ τὰς προθέσεις τῆς Σοβιετικῆς Ἑνώσεως.

ΚΑΤΑ ΤΟΥ Ν.Α.Τ.Ο.

ΒΟΝΝΗ, 10. (Ἀσσ. Πρές). — Ὁ καγκελλάριος Ἀντενάουερ ἐδήλωσεν ὅτι ἀμφιβάλλει διὰ τὰς προθέσεις τῆς Σοβιετικῆς Ἑνώσεως.

ΩΡΑ 5.30' ΠΡΩΪΝΗ ΤΗΣ ΚΥΡΙΑΚΗΣ
